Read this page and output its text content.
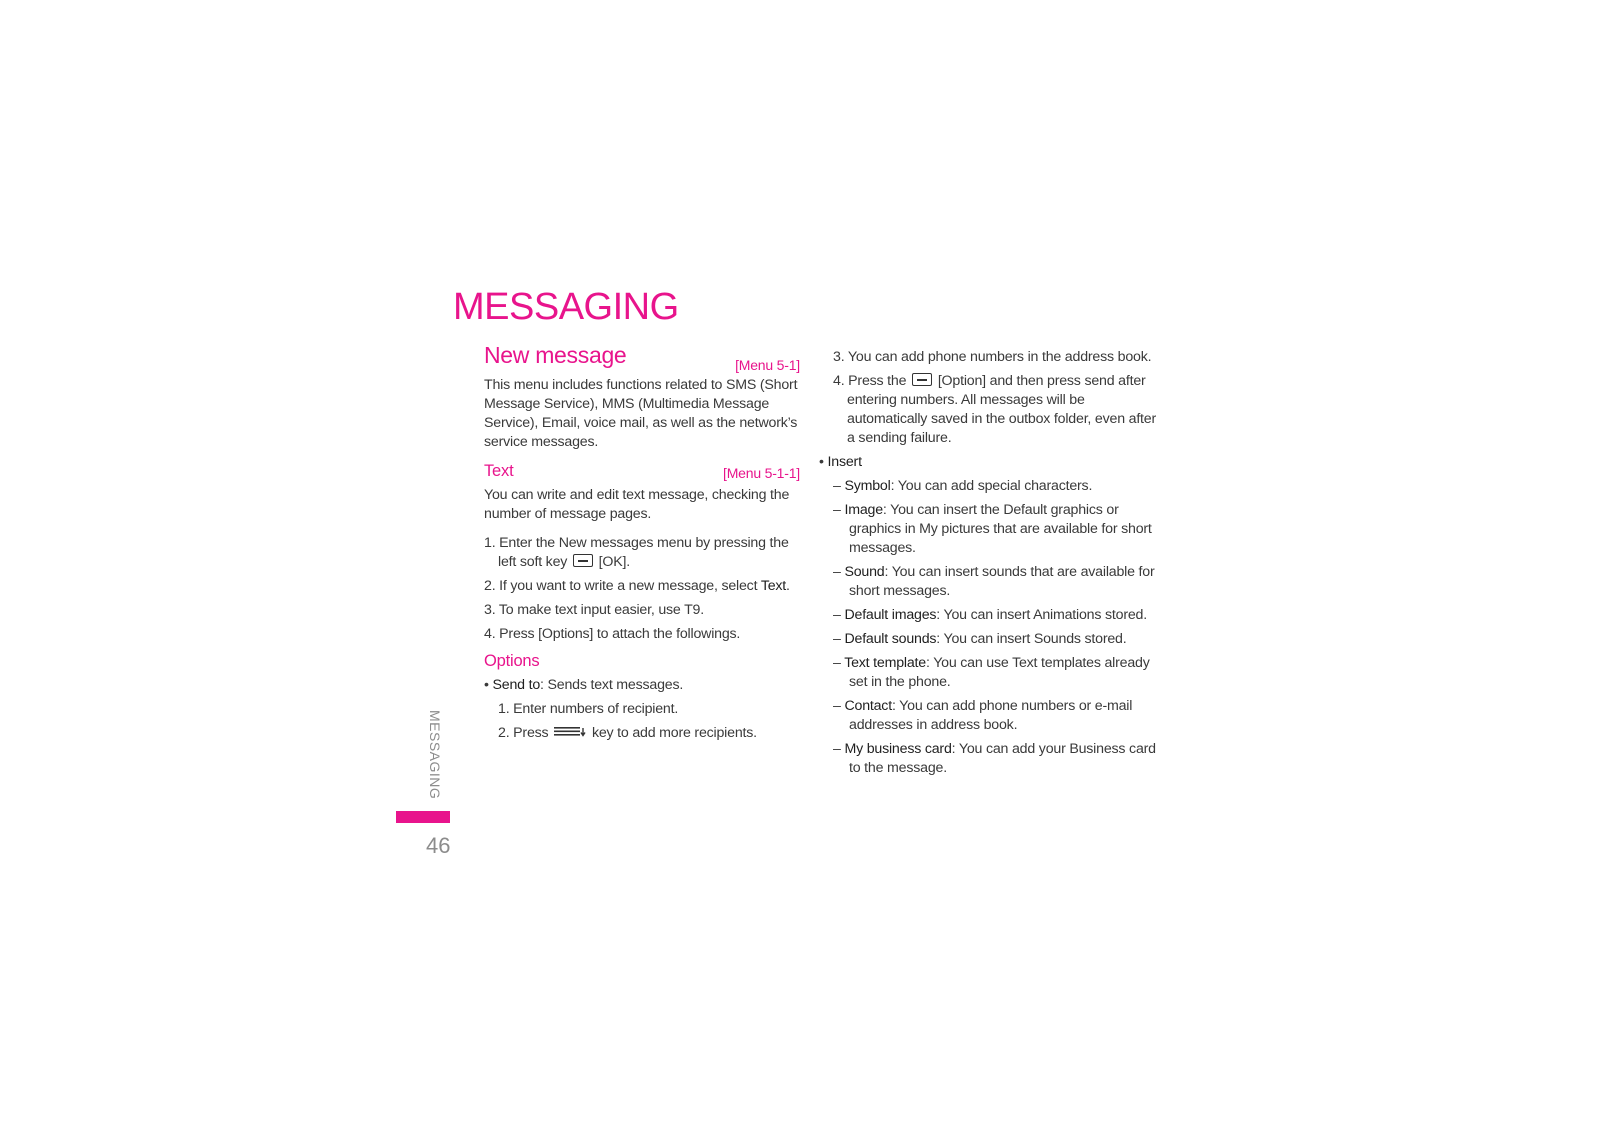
MESSAGING
New message	[Menu 5-1]

This menu includes functions related to SMS (Short Message Service), MMS (Multimedia Message Service), Email, voice mail, as well as the network’s service messages.

Text	[Menu 5-1-1]

You can write and edit text message, checking the number of message pages.

1. Enter the New messages menu by pressing the left soft key [OK].
2. If you want to write a new message, select Text.
3. To make text input easier, use T9.
4. Press [Options] to attach the followings.
Options
• Send to: Sends text messages.
1. Enter numbers of recipient.
2. Press	key to add more recipients.
3. You can add phone numbers in the address book.
4. Press the [Option] and then press send after entering numbers. All messages will be automatically saved in the outbox folder, even after a sending failure.
• Insert
– Symbol: You can add special characters.
– Image: You can insert the Default graphics or graphics in My pictures that are available for short messages.
– Sound: You can insert sounds that are available for short messages.
– Default images: You can insert Animations stored.
– Default sounds: You can insert Sounds stored.
– Text template: You can use Text templates already set in the phone.
– Contact: You can add phone numbers or e-mail addresses in address book.
– My business card: You can add your Business card to the message.
MESSAGING
46
